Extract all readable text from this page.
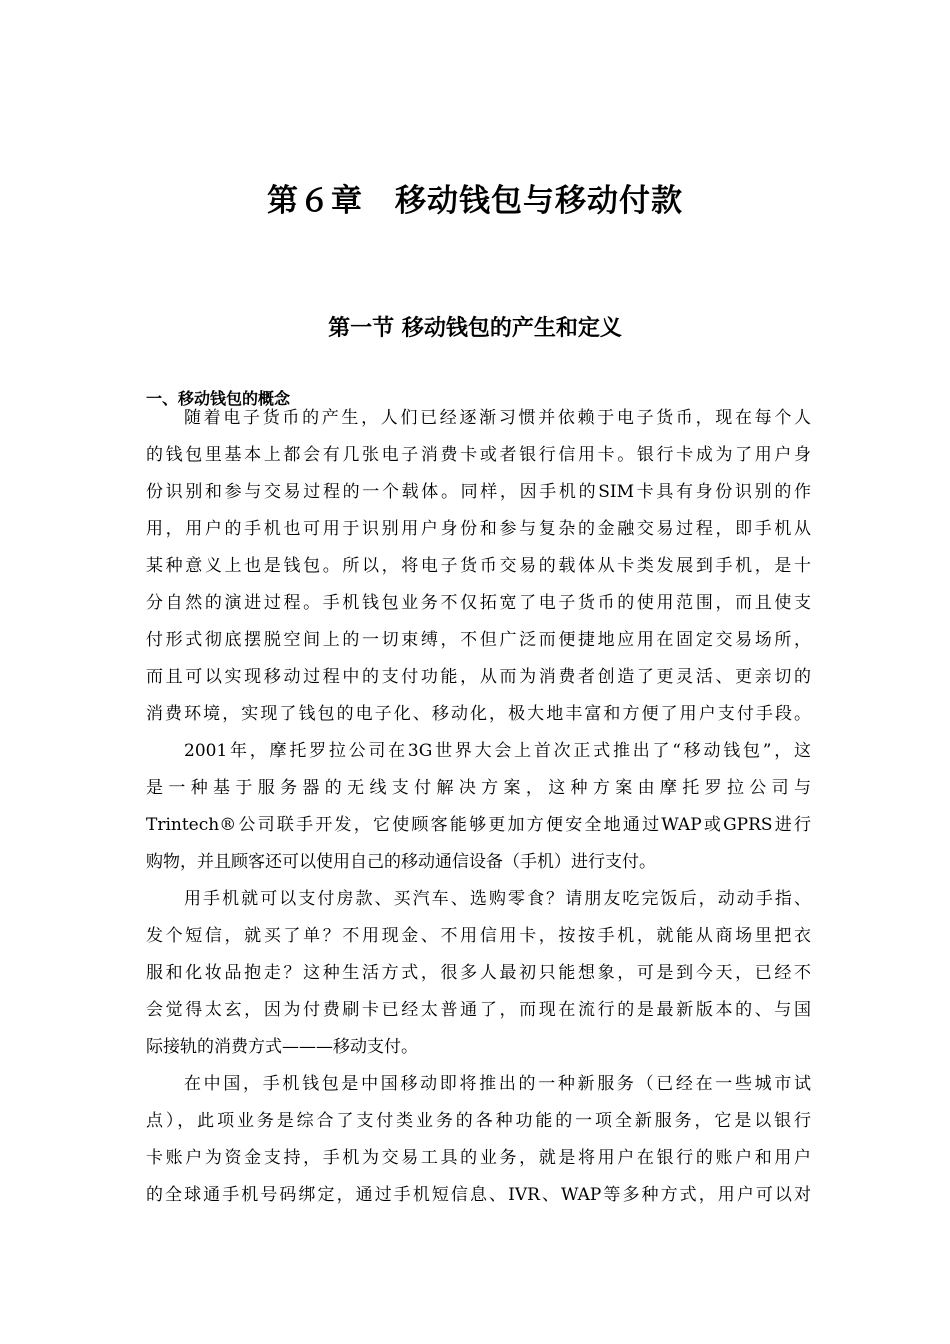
第６章　移动钱包与移动付款
第一节 移动钱包的产生和定义
一、移动钱包的概念
随着电子货币的产生，人们已经逐渐习惯并依赖于电子货币，现在每个人
的钱包里基本上都会有几张电子消费卡或者银行信用卡。银行卡成为了用户身
份识别和参与交易过程的一个载体。同样，因手机的SIM卡具有身份识别的作
用，用户的手机也可用于识别用户身份和参与复杂的金融交易过程，即手机从
某种意义上也是钱包。所以，将电子货币交易的载体从卡类发展到手机，是十
分自然的演进过程。手机钱包业务不仅拓宽了电子货币的使用范围，而且使支
付形式彻底摆脱空间上的一切束缚，不但广泛而便捷地应用在固定交易场所，
而且可以实现移动过程中的支付功能，从而为消费者创造了更灵活、更亲切的
消费环境，实现了钱包的电子化、移动化，极大地丰富和方便了用户支付手段。
2001年，摩托罗拉公司在3G世界大会上首次正式推出了“移动钱包”，这
是一种基于服务器的无线支付解决方案，这种方案由摩托罗拉公司与
Trintech®公司联手开发，它使顾客能够更加方便安全地通过WAP或GPRS进行
购物，并且顾客还可以使用自己的移动通信设备（手机）进行支付。
用手机就可以支付房款、买汽车、选购零食？请朋友吃完饭后，动动手指、
发个短信，就买了单？不用现金、不用信用卡，按按手机，就能从商场里把衣
服和化妆品抱走？这种生活方式，很多人最初只能想象，可是到今天，已经不
会觉得太玄，因为付费刷卡已经太普通了，而现在流行的是最新版本的、与国
际接轨的消费方式———移动支付。
在中国，手机钱包是中国移动即将推出的一种新服务（已经在一些城市试
点），此项业务是综合了支付类业务的各种功能的一项全新服务，它是以银行
卡账户为资金支持，手机为交易工具的业务，就是将用户在银行的账户和用户
的全球通手机号码绑定，通过手机短信息、IVR、WAP等多种方式，用户可以对
